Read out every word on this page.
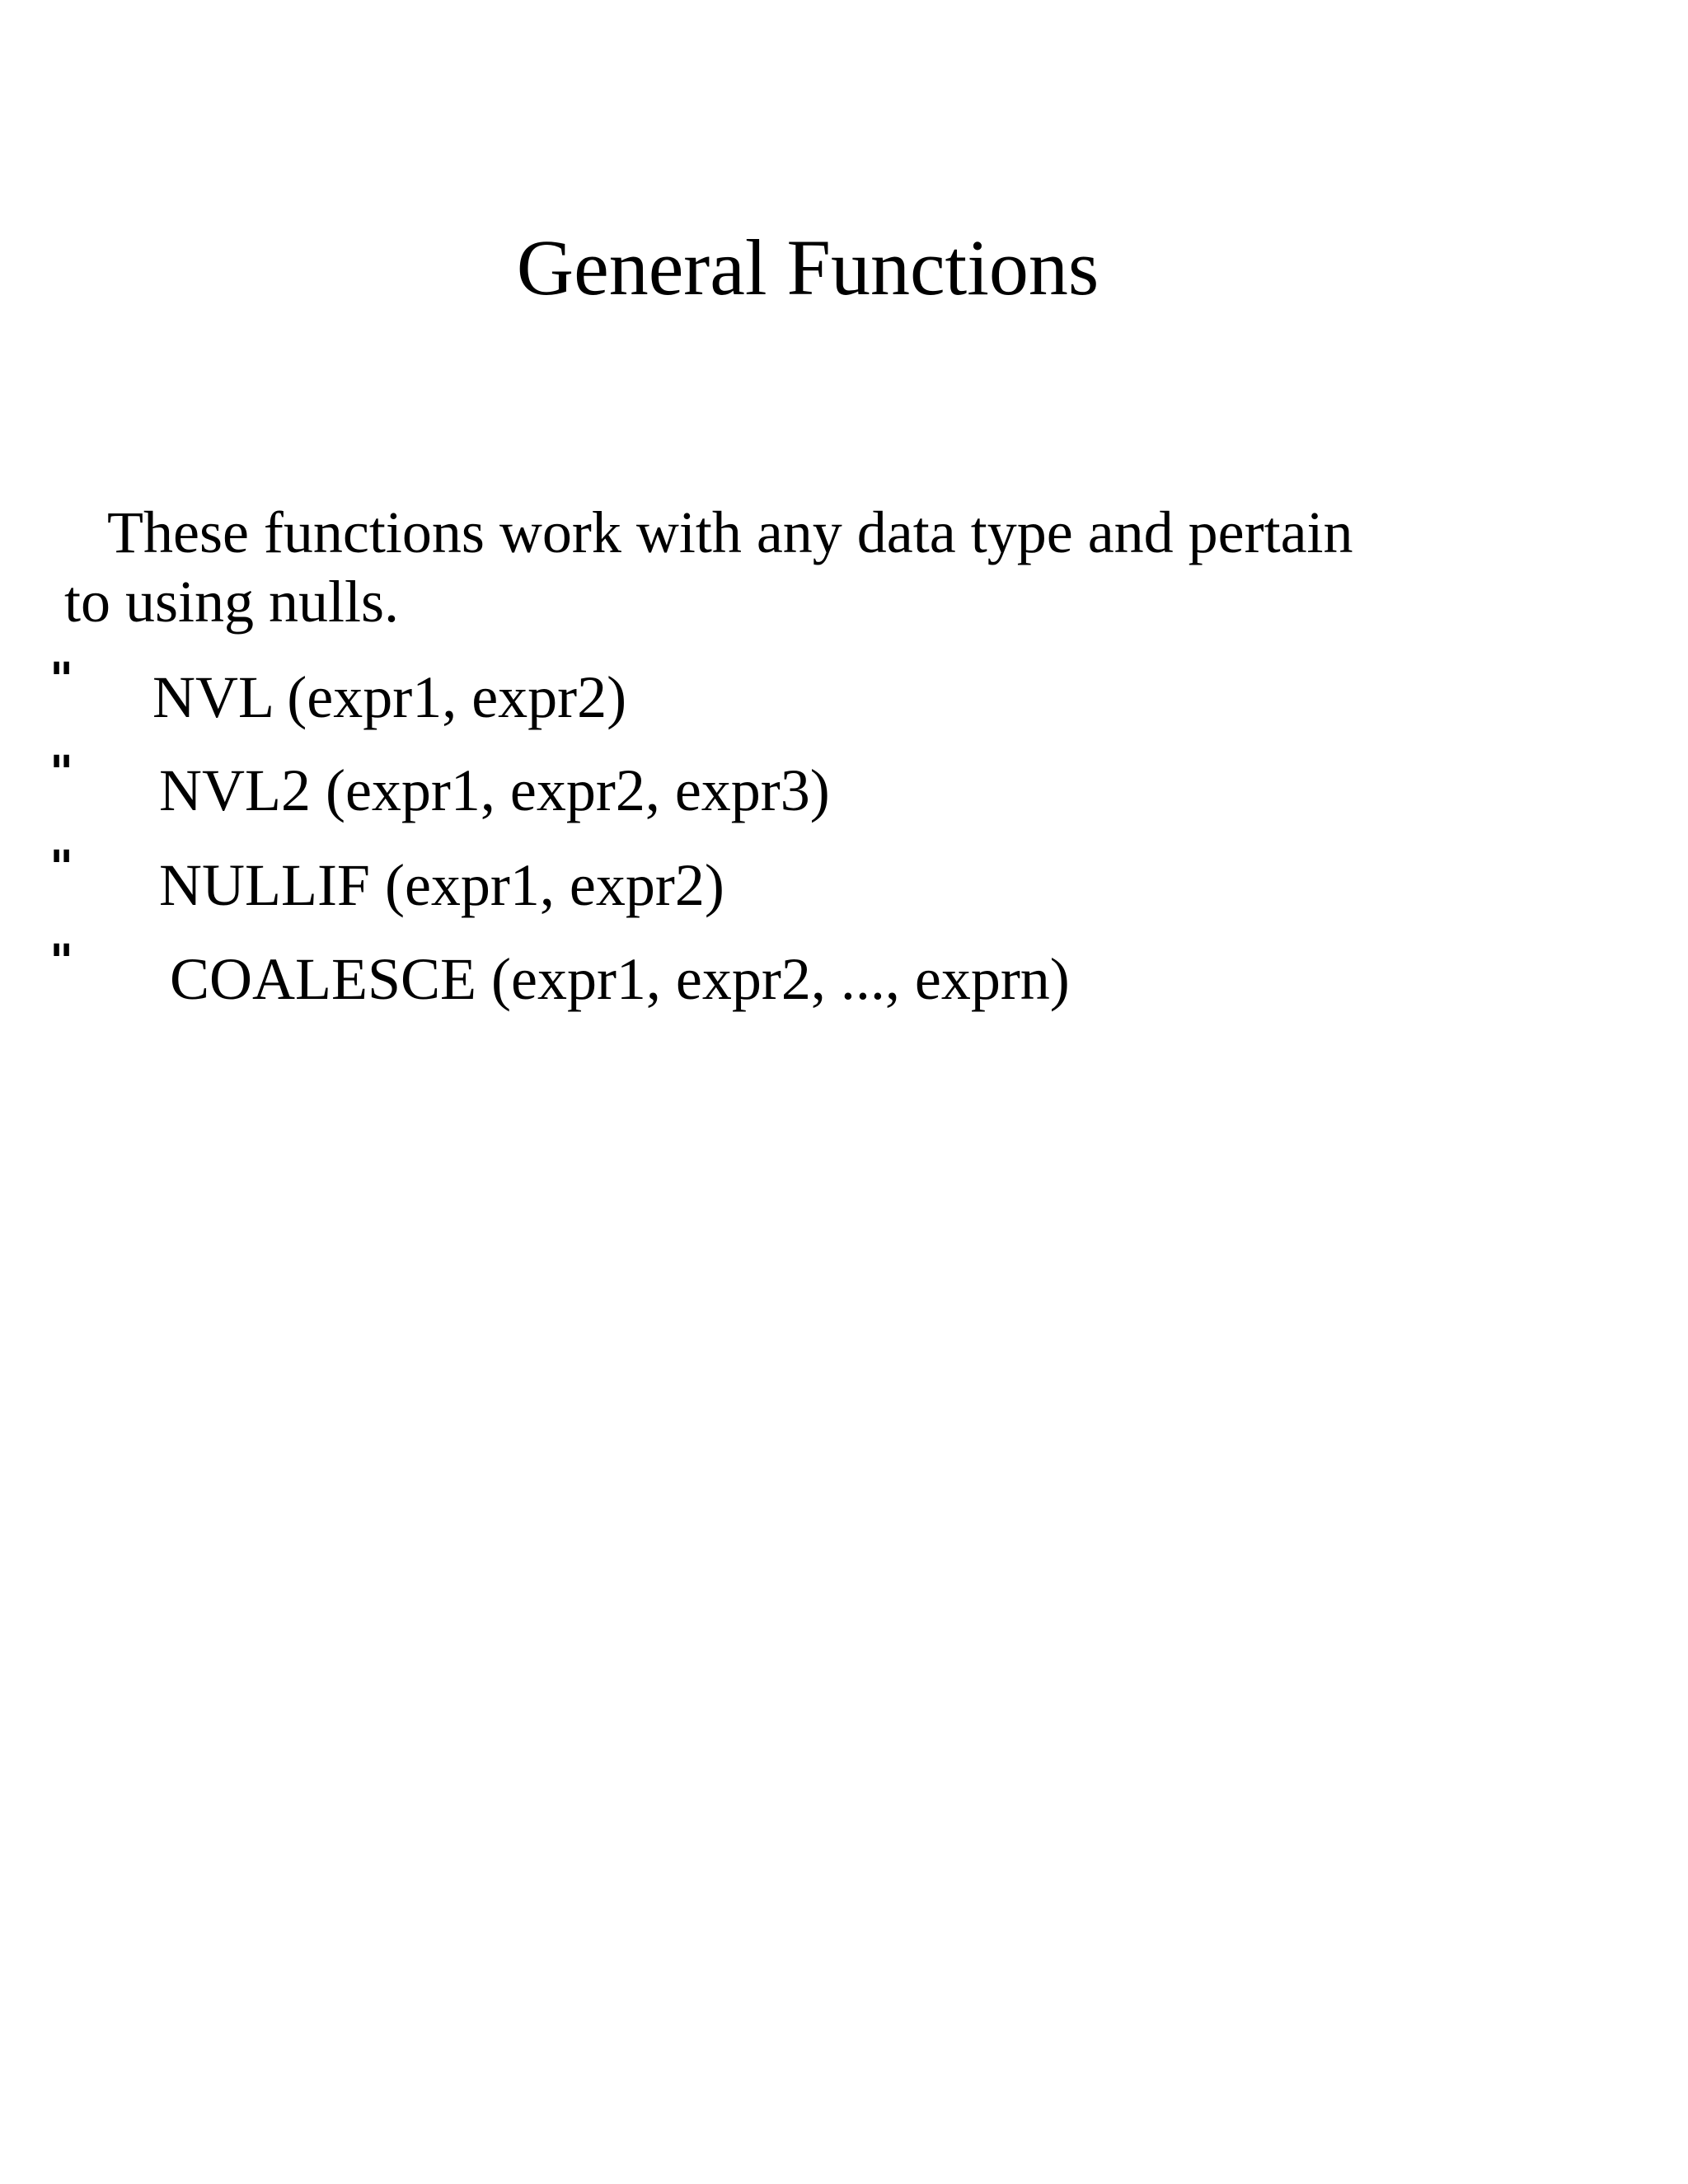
General Functions

These functions work with any data type and pertain
to using nulls.

" NVL (expr1, expr2)
" NVL2 (expr1, expr2, expr3)
" NULLIF (expr1, expr2)
" COALESCE (expr1, expr2, ..., exprn)
